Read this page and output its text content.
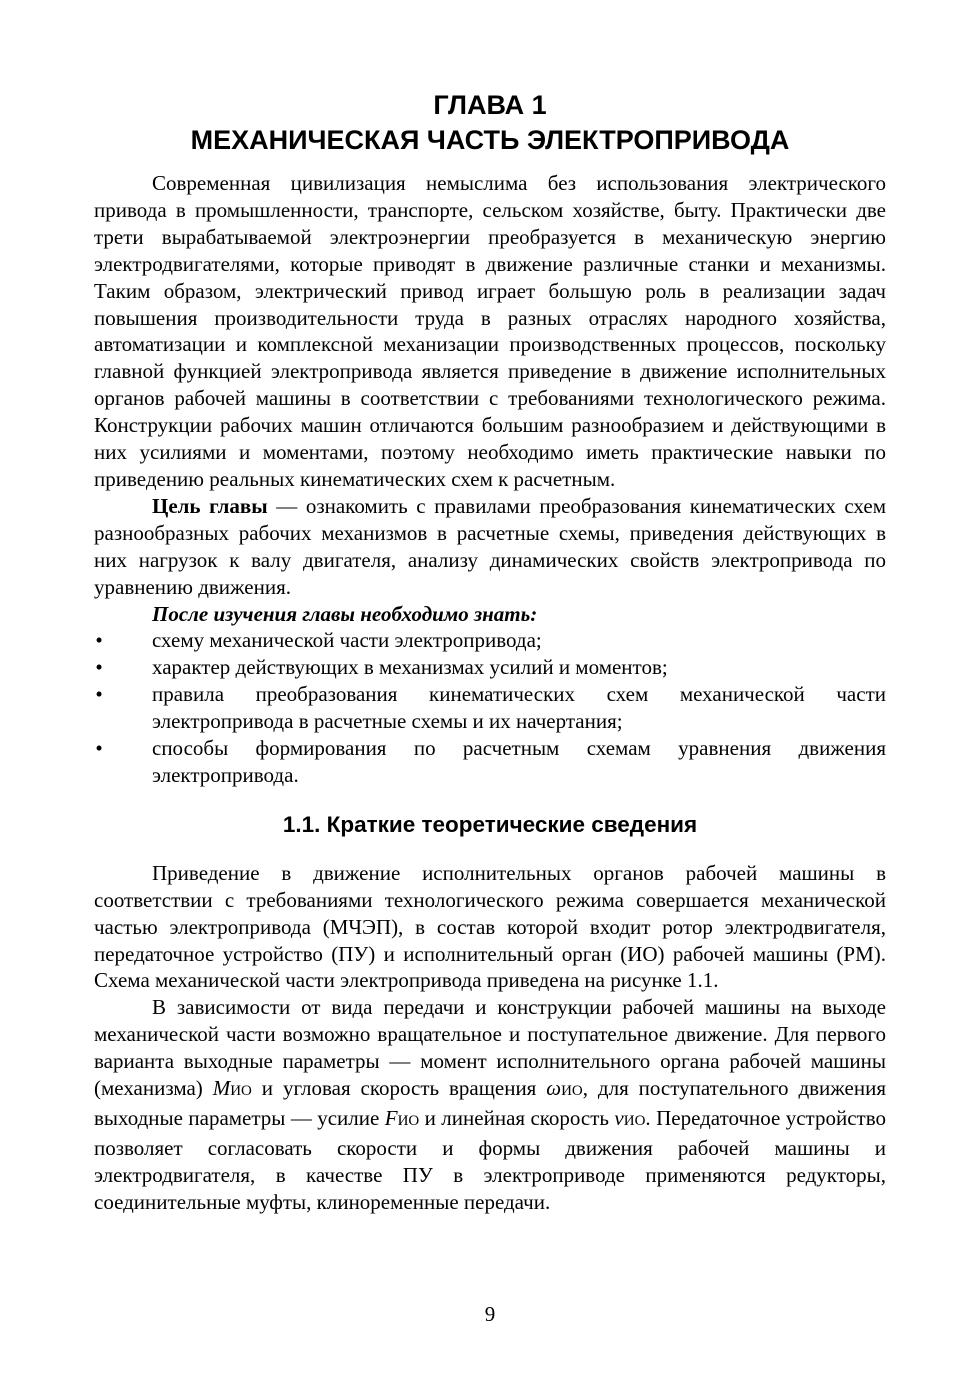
ГЛАВА 1
МЕХАНИЧЕСКАЯ ЧАСТЬ ЭЛЕКТРОПРИВОДА

Современная цивилизация немыслима без использования электрического привода в промышленности, транспорте, сельском хозяйстве, быту. Практически две трети вырабатываемой электроэнергии преобразуется в механическую энергию электродвигателями, которые приводят в движение различные станки и механизмы. Таким образом, электрический привод играет большую роль в реализации задач повышения производительности труда в разных отраслях народного хозяйства, автоматизации и комплексной механизации производственных процессов, поскольку главной функцией электропривода является приведение в движение исполнительных органов рабочей машины в соответствии с требованиями технологического режима. Конструкции рабочих машин отличаются большим разнообразием и действующими в них усилиями и моментами, поэтому необходимо иметь практические навыки по приведению реальных кинематических схем к расчетным.

Цель главы — ознакомить с правилами преобразования кинематических схем разнообразных рабочих механизмов в расчетные схемы, приведения действующих в них нагрузок к валу двигателя, анализу динамических свойств электропривода по уравнению движения.

После изучения главы необходимо знать:

• схему механической части электропривода;
• характер действующих в механизмах усилий и моментов;
• правила преобразования кинематических схем механической части электропривода в расчетные схемы и их начертания;
• способы формирования по расчетным схемам уравнения движения электропривода.
1.1. Краткие теоретические сведения

Приведение в движение исполнительных органов рабочей машины в соответствии с требованиями технологического режима совершается механической частью электропривода (МЧЭП), в состав которой входит ротор электродвигателя, передаточное устройство (ПУ) и исполнительный орган (ИО) рабочей машины (РМ). Схема механической части электропривода приведена на рисунке 1.1.

В зависимости от вида передачи и конструкции рабочей машины на выходе механической части возможно вращательное и поступательное движение. Для первого варианта выходные параметры — момент исполнительного органа рабочей машины (механизма) MИО и угловая скорость вращения ωИО, для поступательного движения выходные параметры — усилие FИО и линейная скорость vИО. Передаточное устройство позволяет согласовать скорости и формы движения рабочей машины и электродвигателя, в качестве ПУ в электроприводе применяются редукторы, соединительные муфты, клиноременные передачи.

9
